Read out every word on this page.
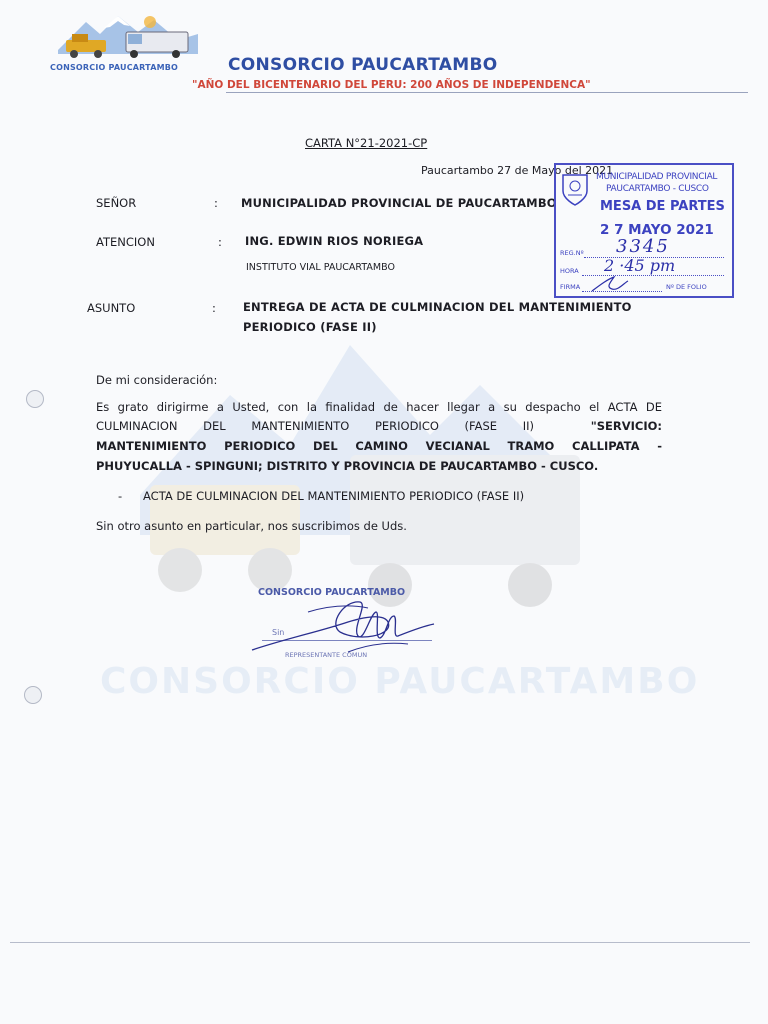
CONSORCIO PAUCARTAMBO	CONSORCIO PAUCARTAMBO
"AÑO DEL BICENTENARIO DEL PERU: 200 AÑOS DE INDEPENDENCA"
CONSORCIO PAUCARTAMBO
CARTA N°21-2021-CP
Paucartambo 27 de Mayo del 2021
SEÑOR	: MUNICIPALIDAD PROVINCIAL DE PAUCARTAMBO
ATENCION	: ING. EDWIN RIOS NORIEGA
INSTITUTO VIAL PAUCARTAMBO
ASUNTO	: ENTREGA DE ACTA DE CULMINACION DEL MANTENIMIENTO
PERIODICO (FASE II)
De mi consideración:
Es grato dirigirme a Usted, con la finalidad de hacer llegar a su despacho el ACTA DE
CULMINACION DEL MANTENIMIENTO PERIODICO (FASE II)	"SERVICIO:
MANTENIMIENTO PERIODICO DEL CAMINO VECIANAL TRAMO CALLIPATA -
PHUYUCALLA - SPINGUNI; DISTRITO Y PROVINCIA DE PAUCARTAMBO - CUSCO.
- ACTA DE CULMINACION DEL MANTENIMIENTO PERIODICO (FASE II)
Sin otro asunto en particular, nos suscribimos de Uds.
CONSORCIO PAUCARTAMBO
Sin
REPRESENTANTE COMUN
MUNICIPALIDAD PROVINCIAL
PAUCARTAMBO - CUSCO
MESA DE PARTES
2 7 MAYO 2021
REG.Nº 3345
HORA 2 ·45 pm
FIRMA	Nº DE FOLIO
